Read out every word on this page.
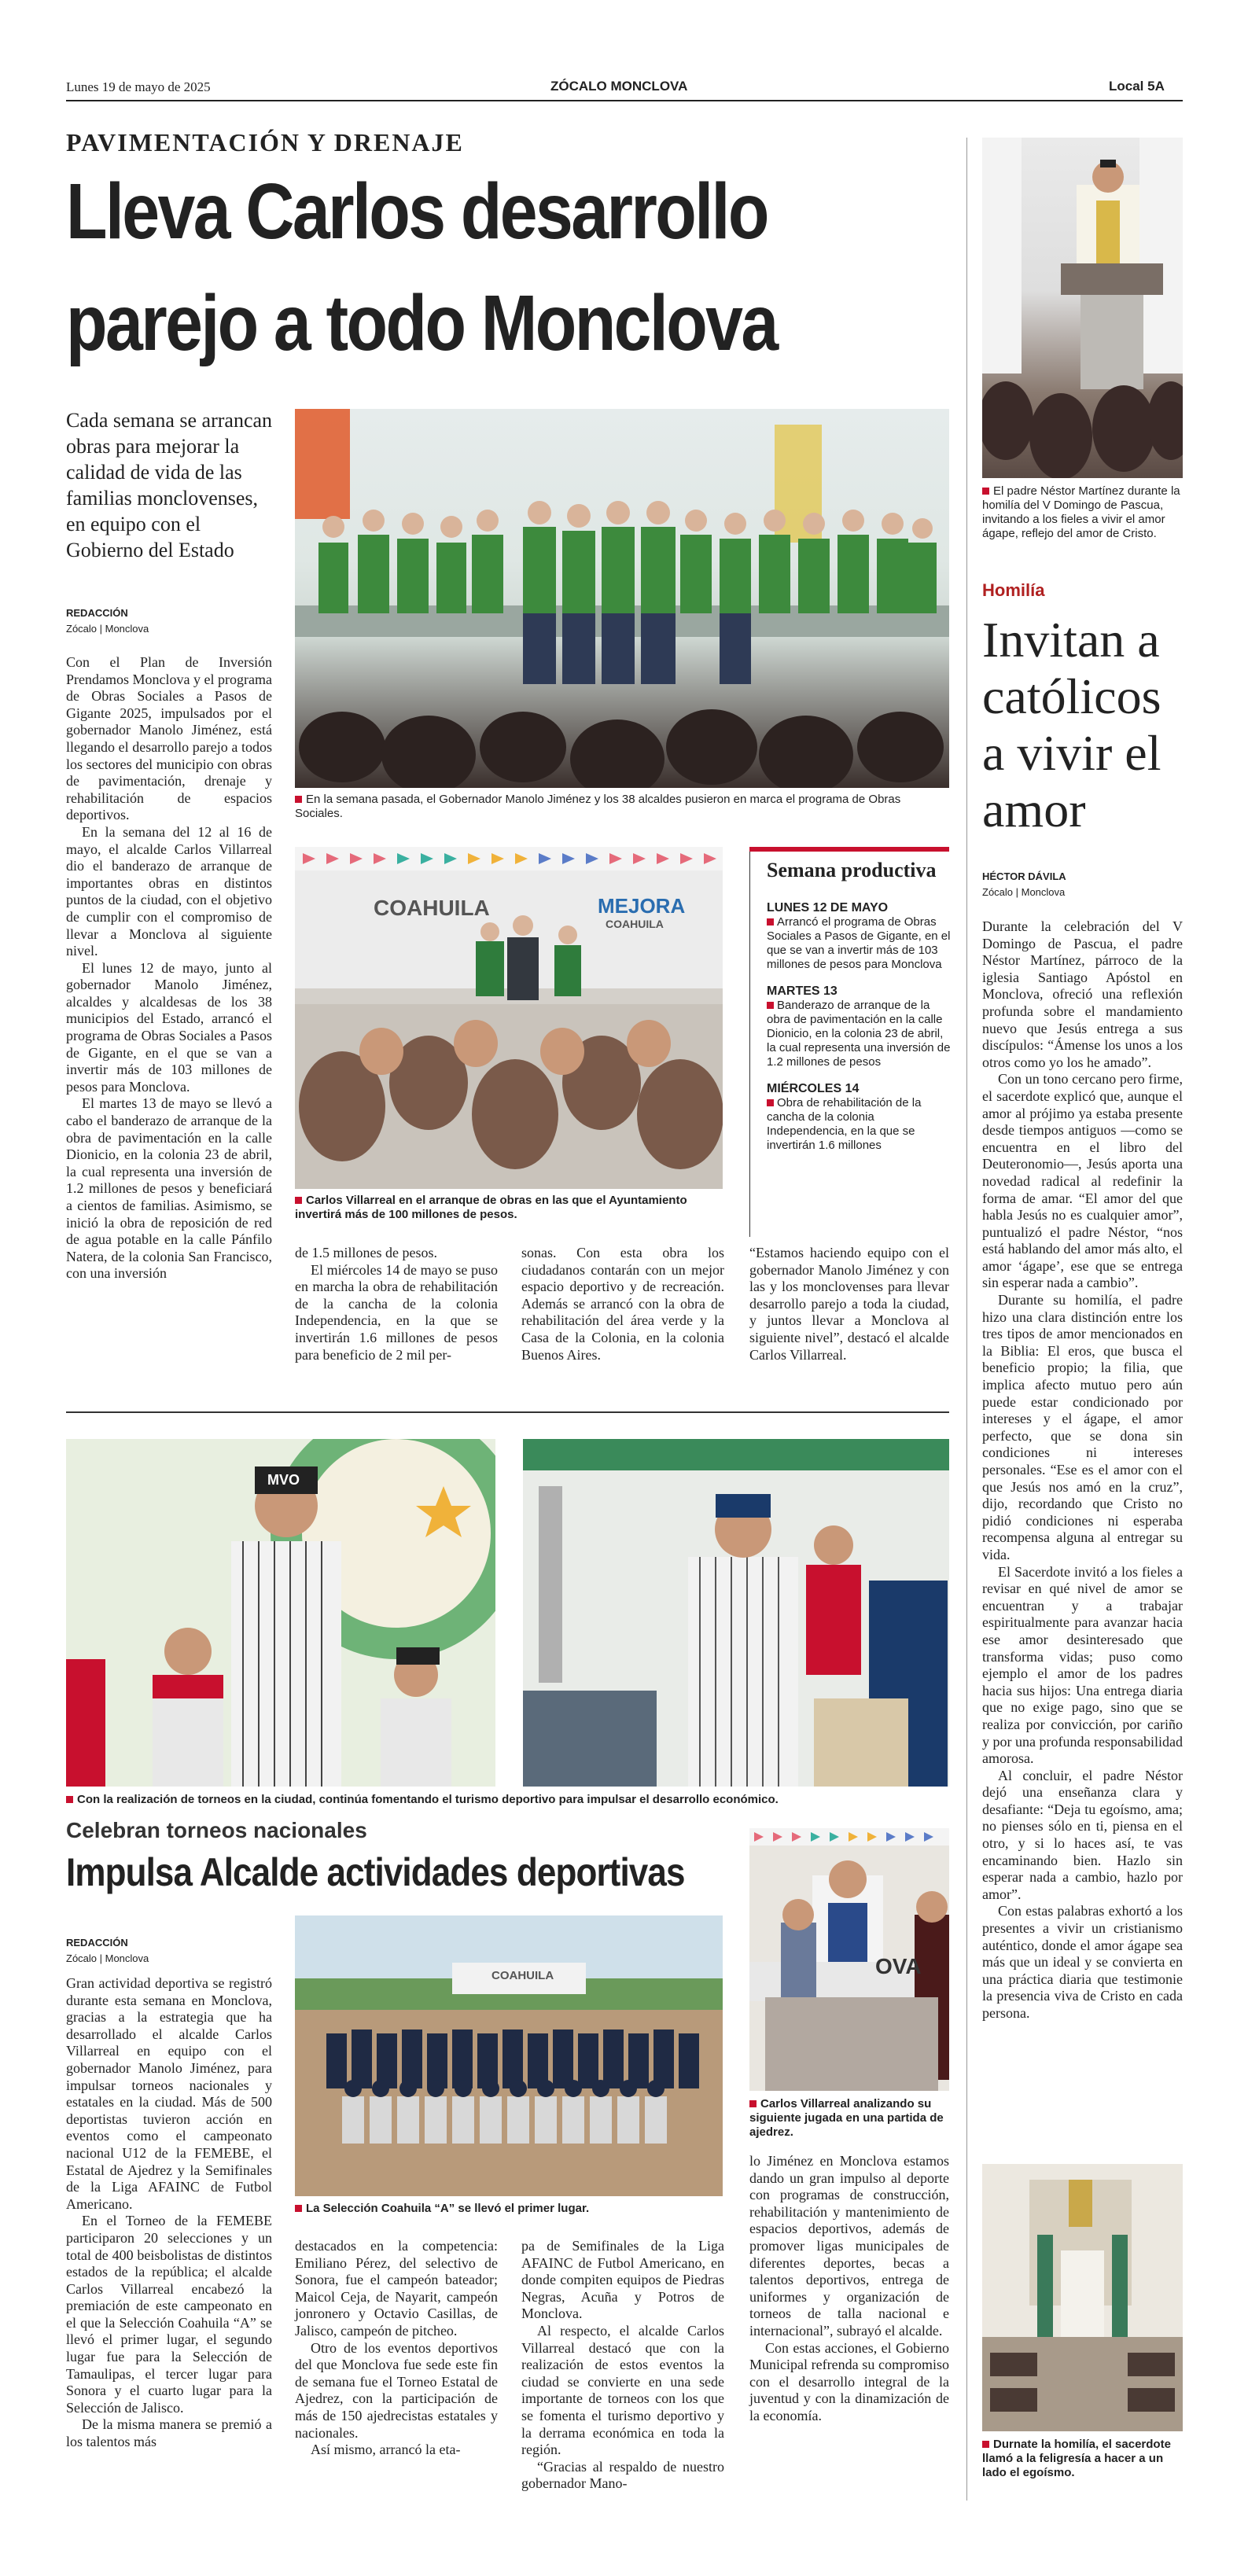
Lunes 19 de mayo de 2025	ZÓCALO MONCLOVA	Local 5A
PAVIMENTACIÓN Y DRENAJE
Lleva Carlos desarrollo
parejo a todo Monclova
Cada semana se arrancan obras para mejorar la calidad de vida de las familias monclovenses, en equipo con el Gobierno del Estado
REDACCIÓN
Zócalo | Monclova

Con el Plan de Inversión Prendamos Monclova y el programa de Obras Sociales a Pasos de Gigante 2025, impulsados por el gobernador Manolo Jiménez, está llegando el desarrollo parejo a todos los sectores del municipio con obras de pavimentación, drenaje y rehabilitación de espacios deportivos.

En la semana del 12 al 16 de mayo, el alcalde Carlos Villarreal dio el banderazo de arranque de importantes obras en distintos puntos de la ciudad, con el objetivo de cumplir con el compromiso de llevar a Monclova al siguiente nivel.

El lunes 12 de mayo, junto al gobernador Manolo Jiménez, alcaldes y alcaldesas de los 38 municipios del Estado, arrancó el programa de Obras Sociales a Pasos de Gigante, en el que se van a invertir más de 103 millones de pesos para Monclova.

El martes 13 de mayo se llevó a cabo el banderazo de arranque de la obra de pavimentación en la calle Dionicio, en la colonia 23 de abril, la cual representa una inversión de 1.2 millones de pesos y beneficiará a cientos de familias. Asimismo, se inició la obra de reposición de red de agua potable en la calle Pánfilo Natera, de la colonia San Francisco, con una inversión

En la semana pasada, el Gobernador Manolo Jiménez y los 38 alcaldes pusieron en marca el programa de Obras Sociales.
COAHUILA	MEJORA
COAHUILA
Carlos Villarreal en el arranque de obras en las que el Ayuntamiento invertirá más de 100 millones de pesos.
Semana productiva
LUNES 12 DE MAYO
Arrancó el programa de Obras Sociales a Pasos de Gigante, en el que se van a invertir más de 103 millones de pesos para Monclova
MARTES 13
Banderazo de arranque de la obra de pavimentación en la calle Dionicio, en la colonia 23 de abril, la cual representa una inversión de 1.2 millones de pesos
MIÉRCOLES 14
Obra de rehabilitación de la cancha de la colonia Independencia, en la que se invertirán 1.6 millones

de 1.5 millones de pesos.

El miércoles 14 de mayo se puso en marcha la obra de rehabilitación de la cancha de la colonia Independencia, en la que se invertirán 1.6 millones de pesos para beneficio de 2 mil per-

sonas. Con esta obra los ciudadanos contarán con un mejor espacio deportivo y de recreación. Además se arrancó con la obra de rehabilitación del área verde y la Casa de la Colonia, en la colonia Buenos Aires.

“Estamos haciendo equipo con el gobernador Manolo Jiménez y con las y los monclovenses para llevar desarrollo parejo a toda la ciudad, y juntos llevar a Monclova al siguiente nivel”, destacó el alcalde Carlos Villarreal.

El padre Néstor Martínez durante la homilía del V Domingo de Pascua, invitando a los fieles a vivir el amor ágape, reflejo del amor de Cristo.
Homilía
Invitan a católicos a vivir el amor
HÉCTOR DÁVILA
Zócalo | Monclova

Durante la celebración del V Domingo de Pascua, el padre Néstor Martínez, párroco de la iglesia Santiago Apóstol en Monclova, ofreció una reflexión profunda sobre el mandamiento nuevo que Jesús entrega a sus discípulos: “Ámense los unos a los otros como yo los he amado”.

Con un tono cercano pero firme, el sacerdote explicó que, aunque el amor al prójimo ya estaba presente desde tiempos antiguos —como se encuentra en el libro del Deuteronomio—, Jesús aporta una novedad radical al redefinir la forma de amar. “El amor del que habla Jesús no es cualquier amor”, puntualizó el padre Néstor, “nos está hablando del amor más alto, el amor ‘ágape’, ese que se entrega sin esperar nada a cambio”.

Durante su homilía, el padre hizo una clara distinción entre los tres tipos de amor mencionados en la Biblia: El eros, que busca el beneficio propio; la filia, que implica afecto mutuo pero aún puede estar condicionado por intereses y el ágape, el amor perfecto, que se dona sin condiciones ni intereses personales. “Ese es el amor con el que Jesús nos amó en la cruz”, dijo, recordando que Cristo no pidió condiciones ni esperaba recompensa alguna al entregar su vida.

El Sacerdote invitó a los fieles a revisar en qué nivel de amor se encuentran y a trabajar espiritualmente para avanzar hacia ese amor desinteresado que transforma vidas; puso como ejemplo el amor de los padres hacia sus hijos: Una entrega diaria que no exige pago, sino que se realiza por convicción, por cariño y por una profunda responsabilidad amorosa.

Al concluir, el padre Néstor dejó una enseñanza clara y desafiante: “Deja tu egoísmo, ama; no pienses sólo en ti, piensa en el otro, y si lo haces así, te vas encaminando bien. Hazlo sin esperar nada a cambio, hazlo por amor”.

Con estas palabras exhortó a los presentes a vivir un cristianismo auténtico, donde el amor ágape sea más que un ideal y se convierta en una práctica diaria que testimonie la presencia viva de Cristo en cada persona.

Durnate la homilía, el sacerdote llamó a la feligresía a hacer a un lado el egoísmo.
MVO
Con la realización de torneos en la ciudad, continúa fomentando el turismo deportivo para impulsar el desarrollo económico.
Celebran torneos nacionales
Impulsa Alcalde actividades deportivas
REDACCIÓN
Zócalo | Monclova

Gran actividad deportiva se registró durante esta semana en Monclova, gracias a la estrategia que ha desarrollado el alcalde Carlos Villarreal en equipo con el gobernador Manolo Jiménez, para impulsar torneos nacionales y estatales en la ciudad. Más de 500 deportistas tuvieron acción en eventos como el campeonato nacional U12 de la FEMEBE, el Estatal de Ajedrez y la Semifinales de la Liga AFAINC de Futbol Americano.

En el Torneo de la FEMEBE participaron 20 selecciones y un total de 400 beisbolistas de distintos estados de la república; el alcalde Carlos Villarreal encabezó la premiación de este campeonato en el que la Selección Coahuila “A” se llevó el primer lugar, el segundo lugar fue para la Selección de Tamaulipas, el tercer lugar para Sonora y el cuarto lugar para la Selección de Jalisco.

De la misma manera se premió a los talentos más

COAHUILA
La Selección Coahuila “A” se llevó el primer lugar.
OVA
Carlos Villarreal analizando su siguiente jugada en una partida de ajedrez.

destacados en la competencia: Emiliano Pérez, del selectivo de Sonora, fue el campeón bateador; Maicol Ceja, de Nayarit, campeón jonronero y Octavio Casillas, de Jalisco, campeón de pitcheo.

Otro de los eventos deportivos del que Monclova fue sede este fin de semana fue el Torneo Estatal de Ajedrez, con la participación de más de 150 ajedrecistas estatales y nacionales.

Así mismo, arrancó la eta-

pa de Semifinales de la Liga AFAINC de Futbol Americano, en donde compiten equipos de Piedras Negras, Acuña y Potros de Monclova.

Al respecto, el alcalde Carlos Villarreal destacó que con la realización de estos eventos la ciudad se convierte en una sede importante de torneos con los que se fomenta el turismo deportivo y la derrama económica en toda la región.

“Gracias al respaldo de nuestro gobernador Mano-

lo Jiménez en Monclova estamos dando un gran impulso al deporte con programas de construcción, rehabilitación y mantenimiento de espacios deportivos, además de promover ligas municipales de diferentes deportes, becas a talentos deportivos, entrega de uniformes y organización de torneos de talla nacional e internacional”, subrayó el alcalde.

Con estas acciones, el Gobierno Municipal refrenda su compromiso con el desarrollo integral de la juventud y con la dinamización de la economía.
